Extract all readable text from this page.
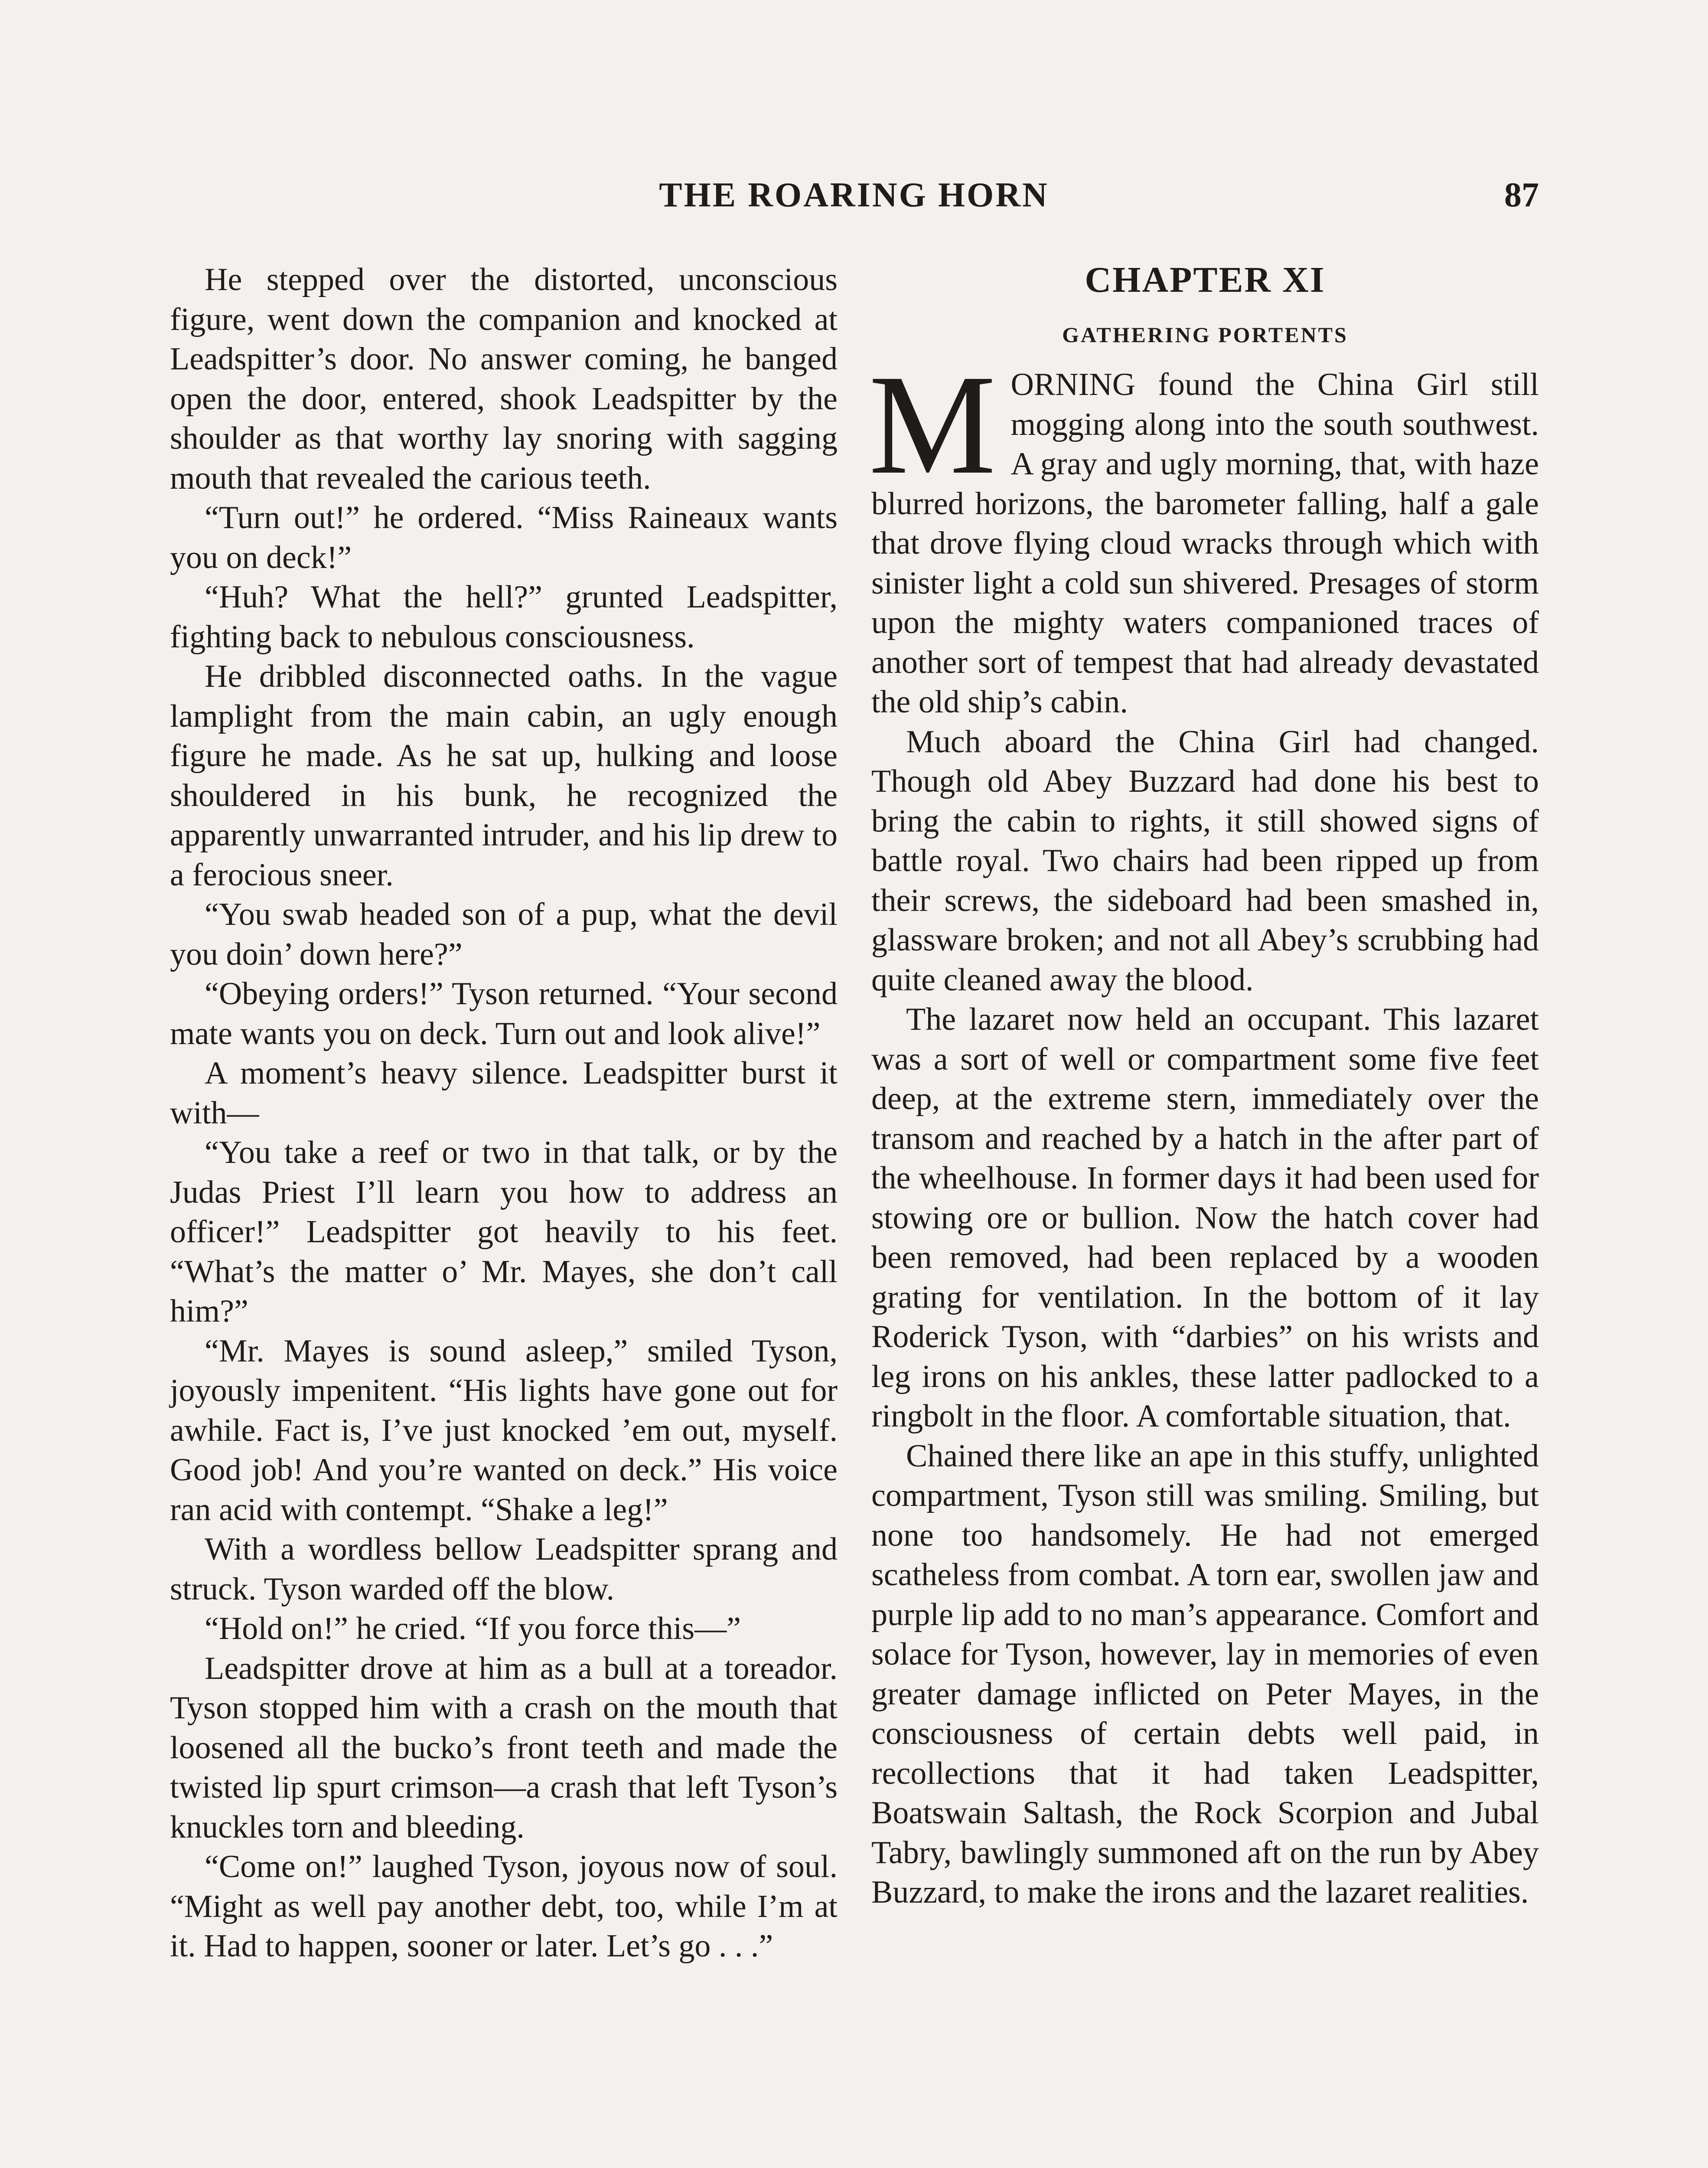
THE ROARING HORN	87

He stepped over the distorted, unconscious figure, went down the companion and knocked at Leadspitter’s door. No answer coming, he banged open the door, entered, shook Leadspitter by the shoulder as that worthy lay snoring with sagging mouth that revealed the carious teeth.

“Turn out!” he ordered. “Miss Raineaux wants you on deck!”

“Huh? What the hell?” grunted Leadspitter, fighting back to nebulous consciousness.

He dribbled disconnected oaths. In the vague lamplight from the main cabin, an ugly enough figure he made. As he sat up, hulking and loose shouldered in his bunk, he recognized the apparently unwarranted intruder, and his lip drew to a ferocious sneer.

“You swab headed son of a pup, what the devil you doin’ down here?”

“Obeying orders!” Tyson returned. “Your second mate wants you on deck. Turn out and look alive!”

A moment’s heavy silence. Leadspitter burst it with—

“You take a reef or two in that talk, or by the Judas Priest I’ll learn you how to address an officer!” Leadspitter got heavily to his feet. “What’s the matter o’ Mr. Mayes, she don’t call him?”

“Mr. Mayes is sound asleep,” smiled Tyson, joyously impenitent. “His lights have gone out for awhile. Fact is, I’ve just knocked ’em out, myself. Good job! And you’re wanted on deck.” His voice ran acid with contempt. “Shake a leg!”

With a wordless bellow Leadspitter sprang and struck. Tyson warded off the blow.

“Hold on!” he cried. “If you force this—”

Leadspitter drove at him as a bull at a toreador. Tyson stopped him with a crash on the mouth that loosened all the bucko’s front teeth and made the twisted lip spurt crimson—a crash that left Tyson’s knuckles torn and bleeding.

“Come on!” laughed Tyson, joyous now of soul. “Might as well pay another debt, too, while I’m at it. Had to happen, sooner or later. Let’s go . . .”

CHAPTER XI
GATHERING PORTENTS

MORNING found the China Girl still mogging along into the south southwest. A gray and ugly morning, that, with haze blurred horizons, the barometer falling, half a gale that drove flying cloud wracks through which with sinister light a cold sun shivered. Presages of storm upon the mighty waters companioned traces of another sort of tempest that had already devastated the old ship’s cabin.

Much aboard the China Girl had changed. Though old Abey Buzzard had done his best to bring the cabin to rights, it still showed signs of battle royal. Two chairs had been ripped up from their screws, the sideboard had been smashed in, glassware broken; and not all Abey’s scrubbing had quite cleaned away the blood.

The lazaret now held an occupant. This lazaret was a sort of well or compartment some five feet deep, at the extreme stern, immediately over the transom and reached by a hatch in the after part of the wheelhouse. In former days it had been used for stowing ore or bullion. Now the hatch cover had been removed, had been replaced by a wooden grating for ventilation. In the bottom of it lay Roderick Tyson, with “darbies” on his wrists and leg irons on his ankles, these latter padlocked to a ringbolt in the floor. A comfortable situation, that.

Chained there like an ape in this stuffy, unlighted compartment, Tyson still was smiling. Smiling, but none too handsomely. He had not emerged scatheless from combat. A torn ear, swollen jaw and purple lip add to no man’s appearance. Comfort and solace for Tyson, however, lay in memories of even greater damage inflicted on Peter Mayes, in the consciousness of certain debts well paid, in recollections that it had taken Leadspitter, Boatswain Saltash, the Rock Scorpion and Jubal Tabry, bawlingly summoned aft on the run by Abey Buzzard, to make the irons and the lazaret realities.
